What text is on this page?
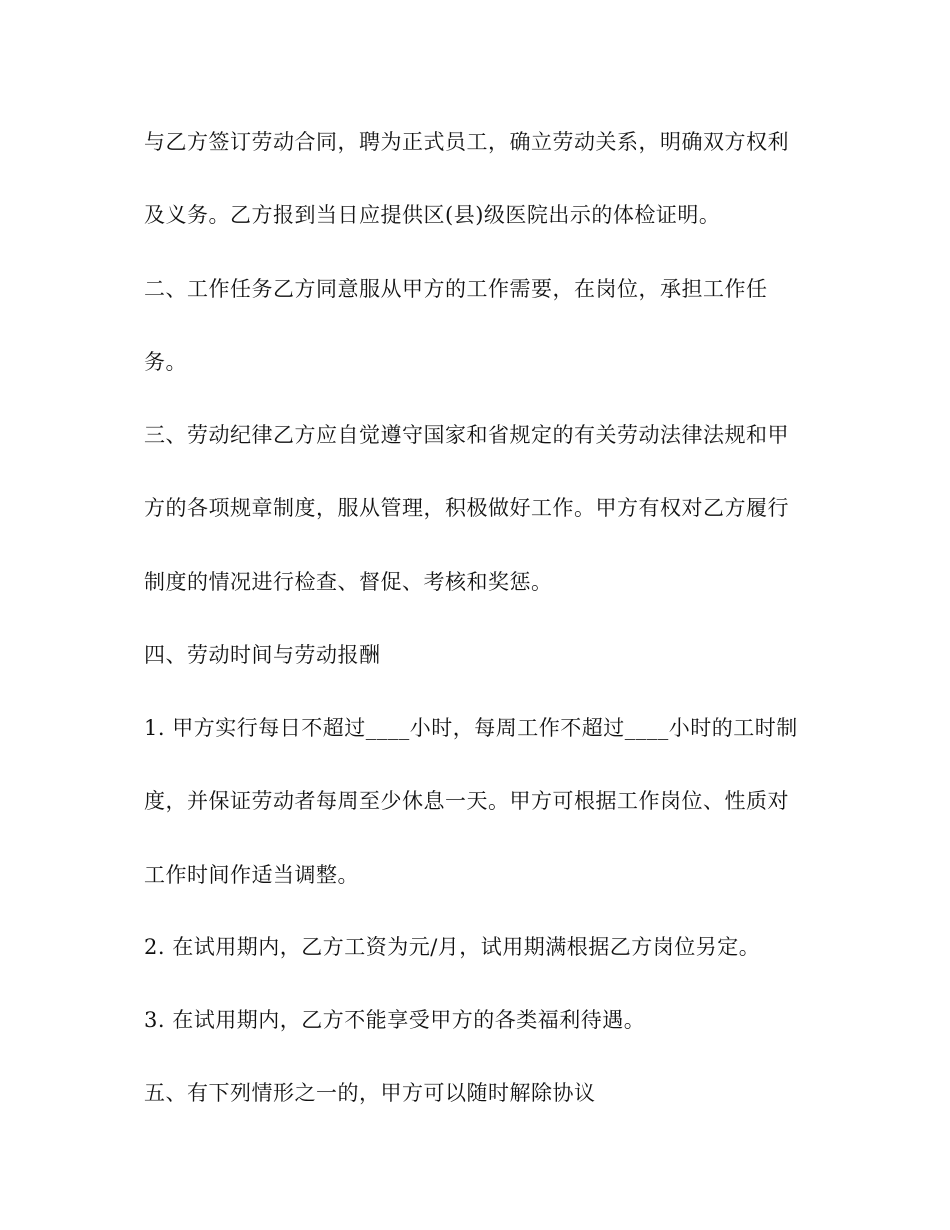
与乙方签订劳动合同，聘为正式员工，确立劳动关系，明确双方权利
及义务。乙方报到当日应提供区(县)级医院出示的体检证明。
二、工作任务乙方同意服从甲方的工作需要，在岗位，承担工作任
务。
三、劳动纪律乙方应自觉遵守国家和省规定的有关劳动法律法规和甲
方的各项规章制度，服从管理，积极做好工作。甲方有权对乙方履行
制度的情况进行检查、督促、考核和奖惩。
四、劳动时间与劳动报酬
1. 甲方实行每日不超过____小时，每周工作不超过____小时的工时制
度，并保证劳动者每周至少休息一天。甲方可根据工作岗位、性质对
工作时间作适当调整。
2. 在试用期内，乙方工资为元/月，试用期满根据乙方岗位另定。
3. 在试用期内，乙方不能享受甲方的各类福利待遇。
五、有下列情形之一的，甲方可以随时解除协议
